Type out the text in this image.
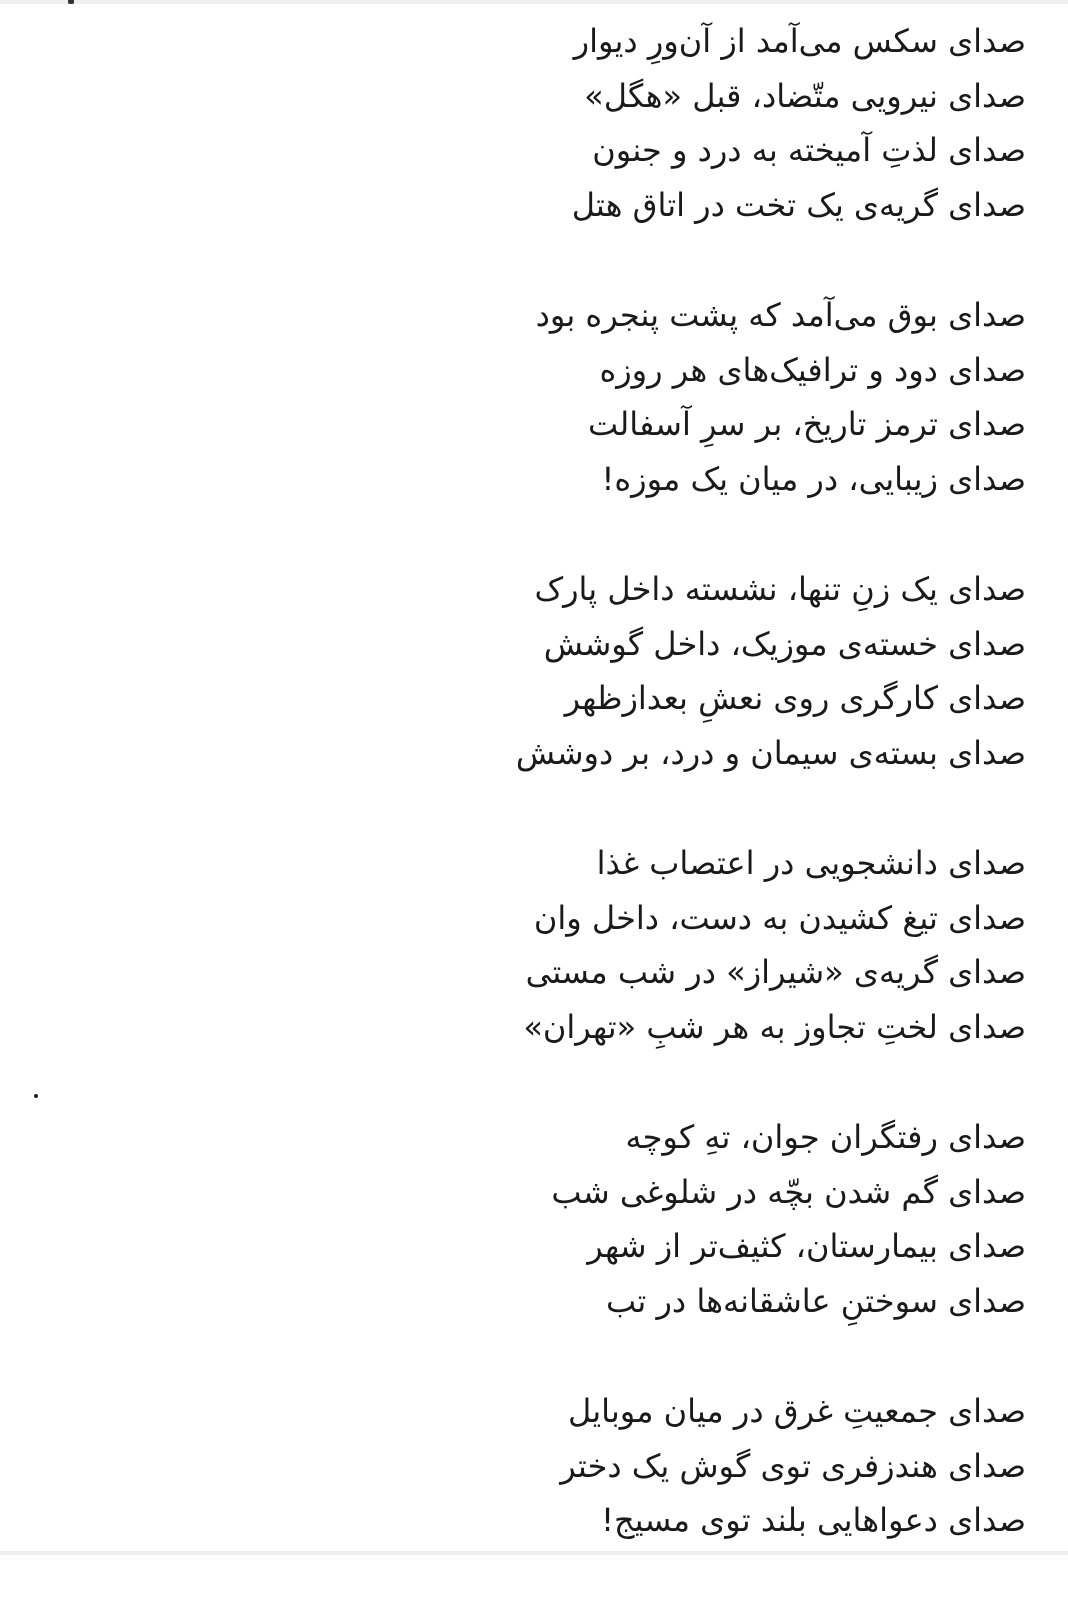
صدای سکس می‌آمد از آن‌ورِ دیوار
صدای نیرویی متّضاد، قبل «هگل»
صدای لذتِ آمیخته به درد و جنون
صدای گریه‌ی یک تخت در اتاق هتل
صدای بوق می‌آمد که پشت پنجره بود
صدای دود و ترافیک‌های هر روزه
صدای ترمز تاریخ، بر سرِ آسفالت
صدای زیبایی، در میان یک موزه!
صدای یک زنِ تنها، نشسته داخل پارک
صدای خسته‌ی موزیک، داخل گوشش
صدای کارگری روی نعشِ بعدازظهر
صدای بسته‌ی سیمان و درد، بر دوشش
صدای دانشجویی در اعتصاب غذا
صدای تیغ کشیدن به دست، داخل وان
صدای گریه‌ی «شیراز» در شب مستی
صدای لختِ تجاوز به هر شبِ «تهران»
صدای رفتگران جوان، تهِ کوچه
صدای گم شدن بچّه در شلوغی شب
صدای بیمارستان، کثیف‌تر از شهر
صدای سوختنِ عاشقانه‌ها در تب
صدای جمعیتِ غرق در میان موبایل
صدای هندزفری توی گوش یک دختر
صدای دعواهایی بلند توی مسیج!
